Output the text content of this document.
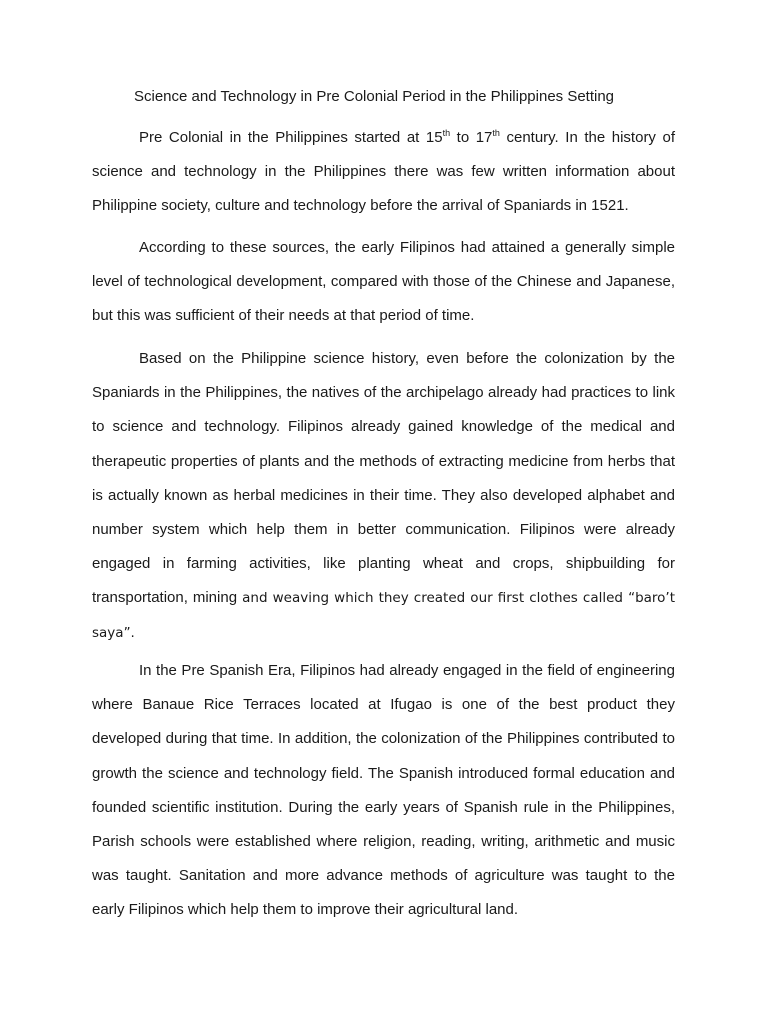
Science and Technology in Pre Colonial Period in the Philippines Setting

Pre Colonial in the Philippines started at 15th to 17th century. In the history of science and technology in the Philippines there was few written information about Philippine society, culture and technology before the arrival of Spaniards in 1521.

According to these sources, the early Filipinos had attained a generally simple level of technological development, compared with those of the Chinese and Japanese, but this was sufficient of their needs at that period of time.

Based on the Philippine science history, even before the colonization by the Spaniards in the Philippines, the natives of the archipelago already had practices to link to science and technology. Filipinos already gained knowledge of the medical and therapeutic properties of plants and the methods of extracting medicine from herbs that is actually known as herbal medicines in their time. They also developed alphabet and number system which help them in better communication. Filipinos were already engaged in farming activities, like planting wheat and crops, shipbuilding for transportation, mining and weaving which they created our first clothes called “baro’t saya”.

In the Pre Spanish Era, Filipinos had already engaged in the field of engineering where Banaue Rice Terraces located at Ifugao is one of the best product they developed during that time. In addition, the colonization of the Philippines contributed to growth the science and technology field. The Spanish introduced formal education and founded scientific institution. During the early years of Spanish rule in the Philippines, Parish schools were established where religion, reading, writing, arithmetic and music was taught. Sanitation and more advance methods of agriculture was taught to the early Filipinos which help them to improve their agricultural land.
